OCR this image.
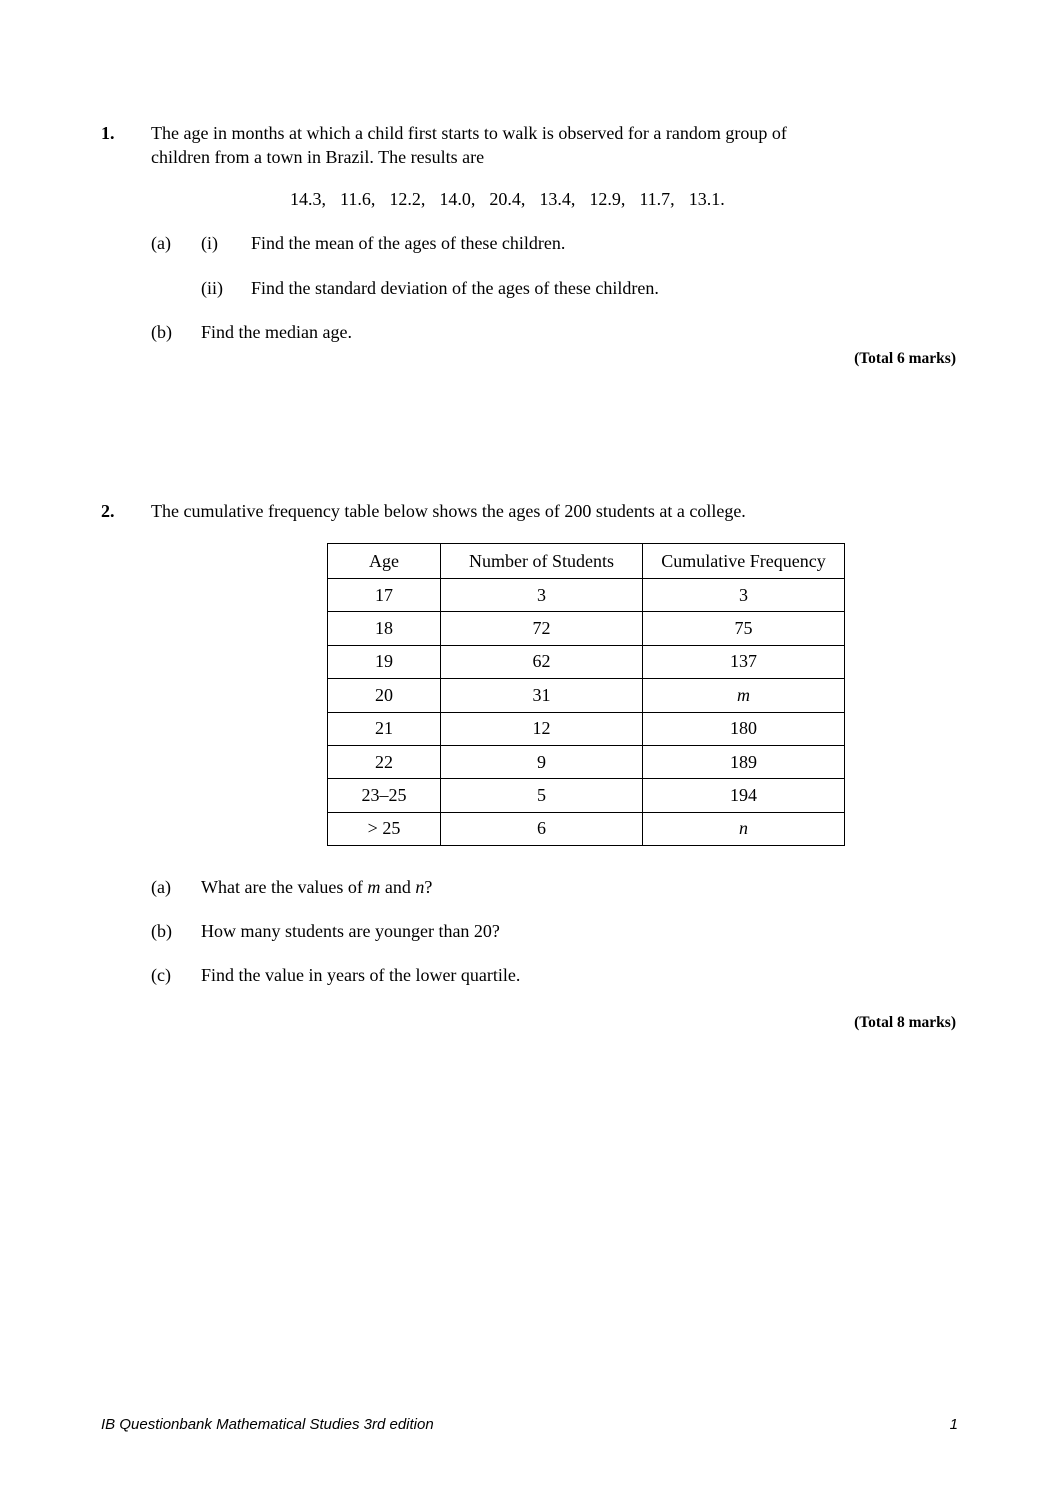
1. The age in months at which a child first starts to walk is observed for a random group of
children from a town in Brazil. The results are
14.3, 11.6, 12.2, 14.0, 20.4, 13.4, 12.9, 11.7, 13.1.
(a) (i) Find the mean of the ages of these children.
(ii) Find the standard deviation of the ages of these children.
(b) Find the median age.
(Total 6 marks)
2. The cumulative frequency table below shows the ages of 200 students at a college.
Age	Number of Students	Cumulative Frequency
17	3	3
18	72	75
19	62	137
20	31	m
21	12	180
22	9	189
23–25	5	194
> 25	6	n
(a) What are the values of m and n?
(b) How many students are younger than 20?
(c) Find the value in years of the lower quartile.
(Total 8 marks)
IB Questionbank Mathematical Studies 3rd edition	1
